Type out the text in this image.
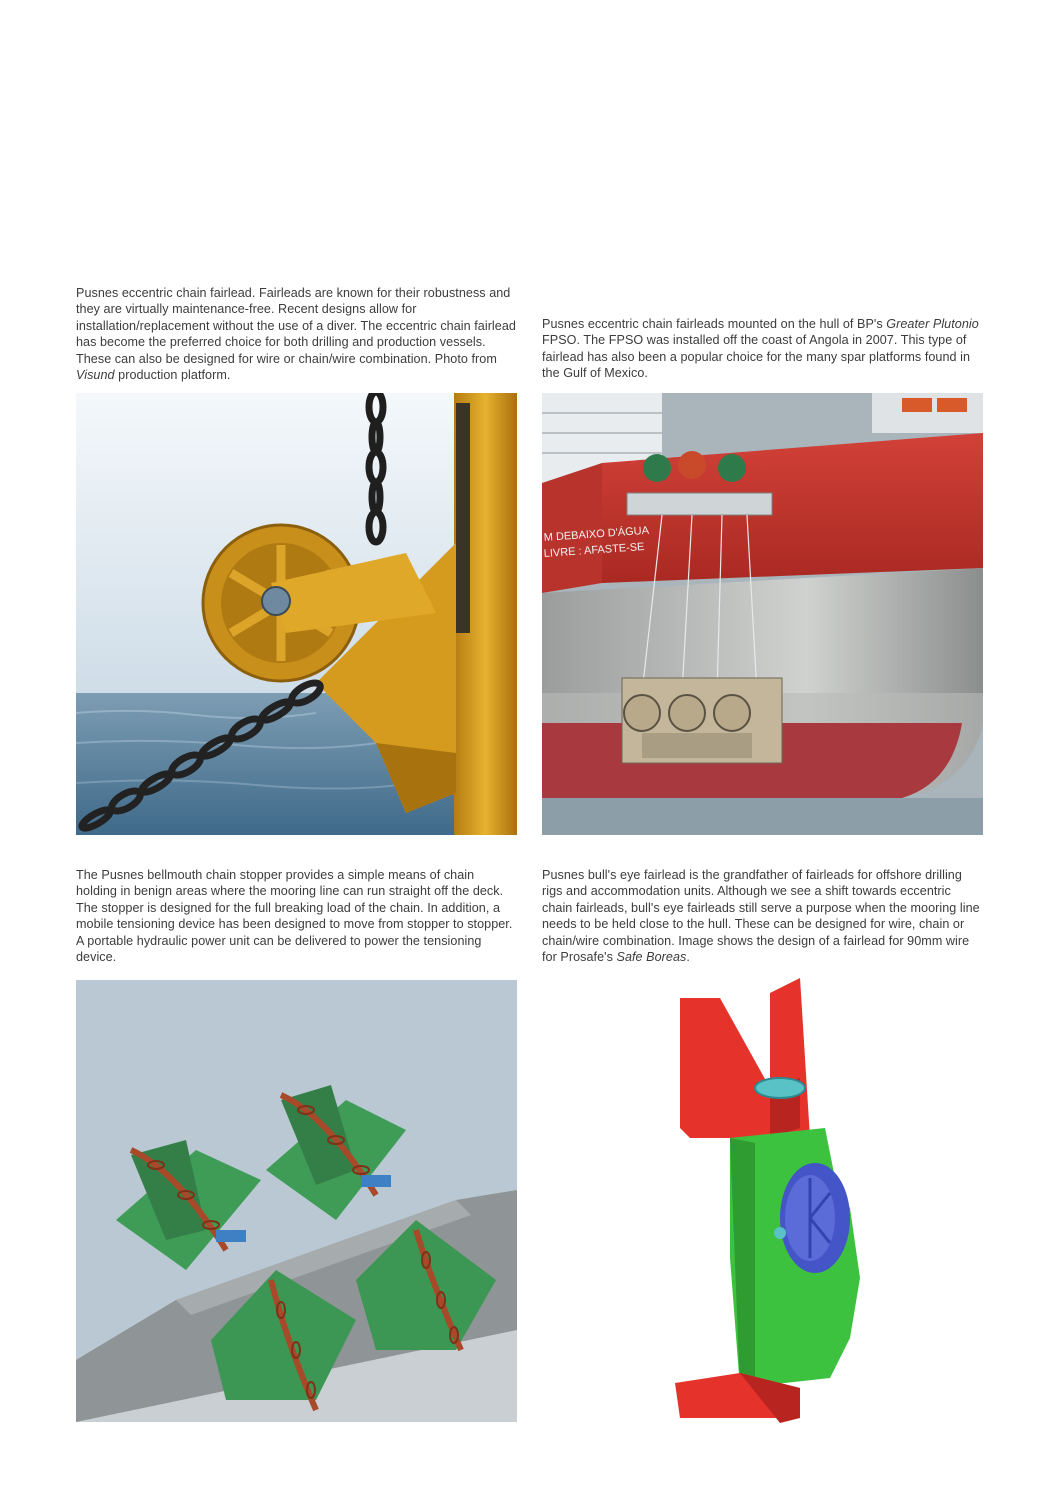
Pusnes eccentric chain fairlead. Fairleads are known for their robustness and they are virtually maintenance-free. Recent designs allow for installation/replacement without the use of a diver. The eccentric chain fairlead has become the preferred choice for both drilling and production vessels. These can also be designed for wire or chain/wire combination. Photo from Visund production platform.

Pusnes eccentric chain fairleads mounted on the hull of BP's Greater Plutonio FPSO. The FPSO was installed off the coast of Angola in 2007. This type of fairlead has also been a popular choice for the many spar platforms found in the Gulf of Mexico.

M DEBAIXO D'ÁGUA
LIVRE : AFASTE-SE

The Pusnes bellmouth chain stopper provides a simple means of chain holding in benign areas where the mooring line can run straight off the deck. The stopper is designed for the full breaking load of the chain. In addition, a mobile tensioning device has been designed to move from stopper to stopper. A portable hydraulic power unit can be delivered to power the tensioning device.

Pusnes bull's eye fairlead is the grandfather of fairleads for offshore drilling rigs and accommodation units. Although we see a shift towards eccentric chain fairleads, bull's eye fairleads still serve a purpose when the mooring line needs to be held close to the hull. These can be designed for wire, chain or chain/wire combination. Image shows the design of a fairlead for 90mm wire for Prosafe's Safe Boreas.
